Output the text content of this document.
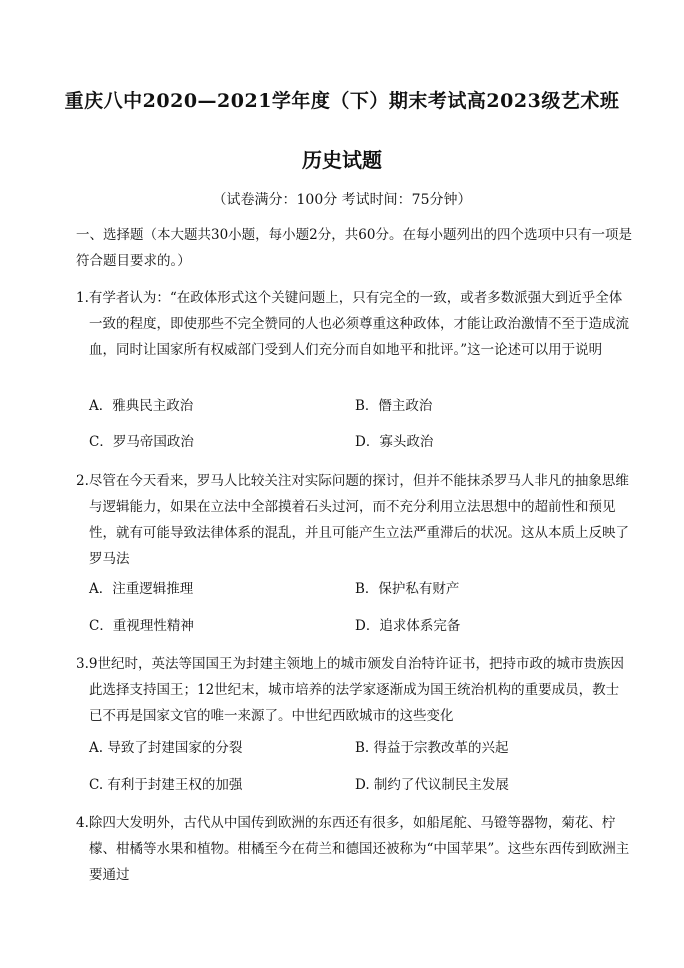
重庆八中2020—2021学年度（下）期末考试高2023级艺术班
历史试题
（试卷满分：100分 考试时间：75分钟）
一、选择题（本大题共30小题，每小题2分，共60分。在每小题列出的四个选项中只有一项是符合题目要求的。）
1.有学者认为：“在政体形式这个关键问题上，只有完全的一致，或者多数派强大到近乎全体一致的程度，即使那些不完全赞同的人也必须尊重这种政体，才能让政治激情不至于造成流血，同时让国家所有权威部门受到人们充分而自如地平和批评。”这一论述可以用于说明
A．雅典民主政治	B．僭主政治
C．罗马帝国政治	D．寡头政治
2.尽管在今天看来，罗马人比较关注对实际问题的探讨，但并不能抹杀罗马人非凡的抽象思维与逻辑能力，如果在立法中全部摸着石头过河，而不充分利用立法思想中的超前性和预见性，就有可能导致法律体系的混乱，并且可能产生立法严重滞后的状况。这从本质上反映了罗马法
A．注重逻辑推理	B．保护私有财产
C．重视理性精神	D．追求体系完备
3.9世纪时，英法等国国王为封建主领地上的城市颁发自治特许证书，把持市政的城市贵族因此选择支持国王；12世纪末，城市培养的法学家逐渐成为国王统治机构的重要成员，教士已不再是国家文官的唯一来源了。中世纪西欧城市的这些变化
A. 导致了封建国家的分裂	B. 得益于宗教改革的兴起
C. 有利于封建王权的加强	D. 制约了代议制民主发展
4.除四大发明外，古代从中国传到欧洲的东西还有很多，如船尾舵、马镫等器物，菊花、柠檬、柑橘等水果和植物。柑橘至今在荷兰和德国还被称为“中国苹果”。这些东西传到欧洲主要通过
